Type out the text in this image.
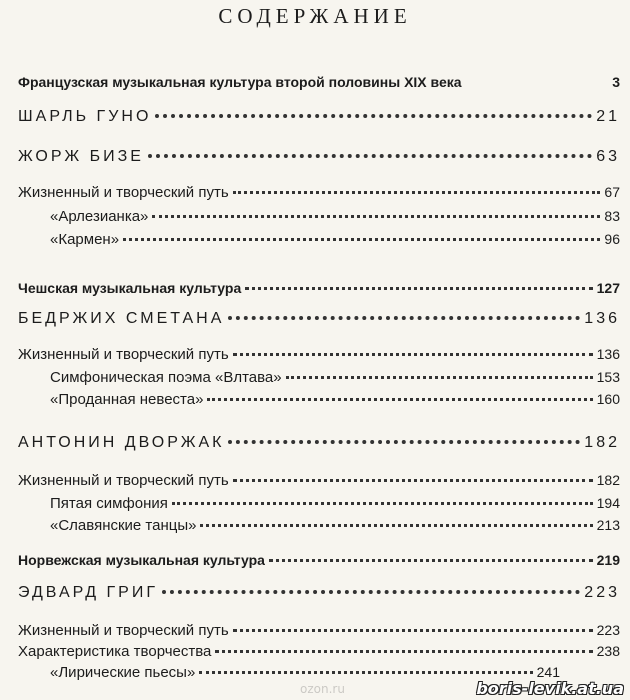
СОДЕРЖАНИЕ
Французская музыкальная культура второй половины XIX века	3
ШАРЛЬ ГУНО	21
ЖОРЖ БИЗЕ	63
Жизненный и творческий путь	67
«Арлезианка»	83
«Кармен»	96
Чешская музыкальная культура	127
БЕДРЖИХ СМЕТАНА	136
Жизненный и творческий путь	136
Симфоническая поэма «Влтава»	153
«Проданная невеста»	160
АНТОНИН ДВОРЖАК	182
Жизненный и творческий путь	182
Пятая симфония	194
«Славянские танцы»	213
Норвежская музыкальная культура	219
ЭДВАРД ГРИГ	223
Жизненный и творческий путь	223
Характеристика творчества	238
«Лирические пьесы»	241
ozon.ru	boris-levik.at.ua
